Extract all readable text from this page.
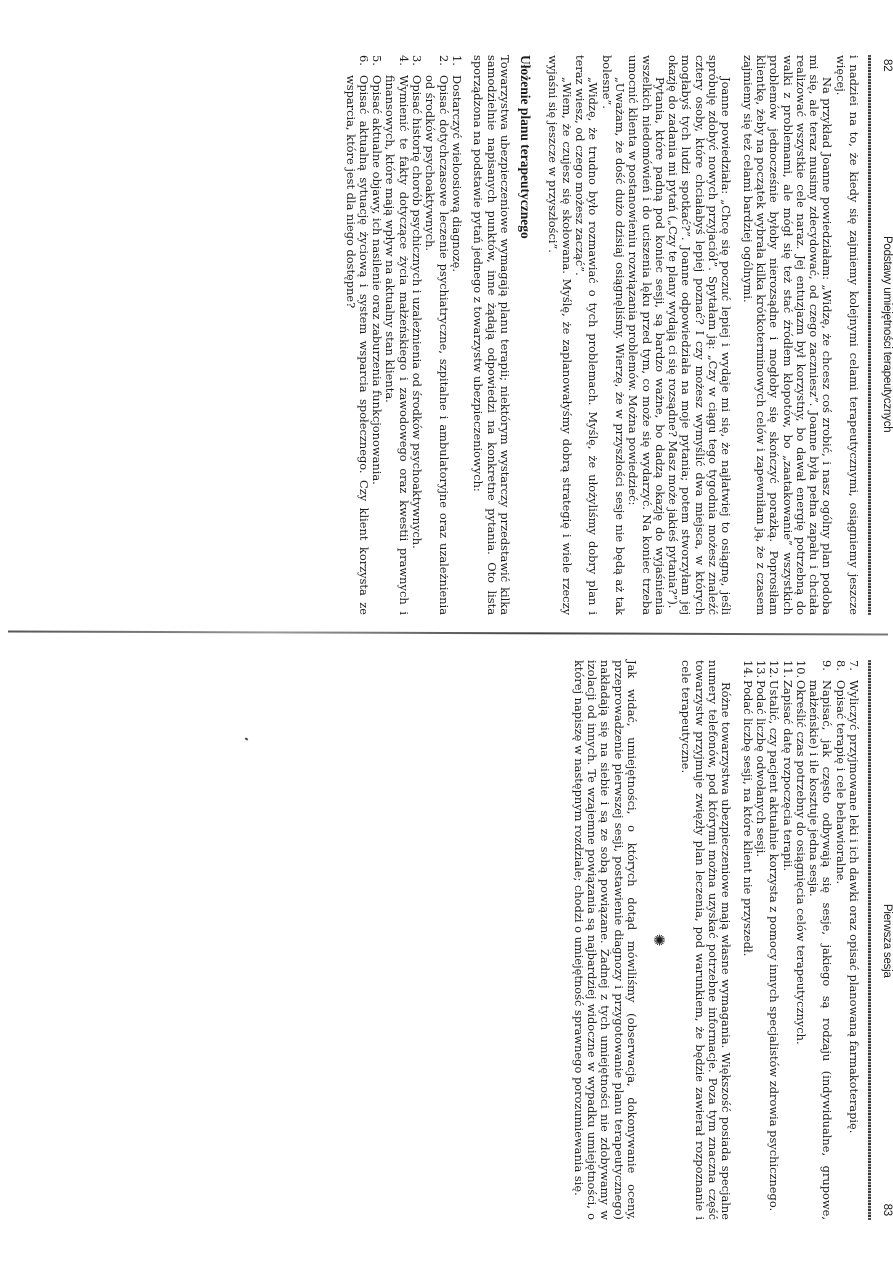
82
Podstawy umiejętności terapeutycznych

i nadziei na to, że kiedy się zajmiemy kolejnymi celami terapeutycznymi, osiągniemy jeszcze więcej.

Na przykład Joanne powiedziałam: „Widzę, że chcesz coś zrobić, i nasz ogólny plan podoba mi się, ale teraz musimy zdecydować, od czego zaczniesz”. Joanne była pełna zapału i chciała realizować wszystkie cele naraz. Jej entuzjazm był korzystny, bo dawał energię potrzebną do walki z problemami, ale mógł się też stać źródłem kłopotów, bo „zaatakowanie” wszystkich problemów jednocześnie byłoby nierozsądne i mogłoby się skończyć porażką. Poprosiłam klientkę, żeby na początek wybrała kilka krótkoterminowych celów i zapewniłam ją, że z czasem zajmiemy się też celami bardziej ogólnymi.

Joanne powiedziała: „Chcę się poczuć lepiej i wydaje mi się, że najłatwiej to osiągnę, jeśli spróbuję zdobyć nowych przyjaciół”. Spytałam ją: „Czy w ciągu tego tygodnia możesz znaleźć cztery osoby, które chciałabyś lepiej poznać? I czy możesz wymyślić dwa miejsca, w których mogłabyś tych ludzi spotkać?”. Joanne odpowiedziała na moje pytania; potem stworzyłam jej okazję do zadania mi pytań („Czy te plany wydają ci się rozsądne? Masz może jakieś pytania?”).

Pytania, które padną pod koniec sesji, są bardzo ważne, bo dadzą okazję do wyjaśnienia wszelkich niedomówień i do uciszenia lęku przed tym, co może się wydarzyć. Na koniec trzeba umocnić klienta w postanowieniu rozwiązania problemów. Można powiedzieć:

„Uważam, że dość dużo dzisiaj osiągnęliśmy. Wierzę, że w przyszłości sesje nie będą aż tak bolesne”.

„Widzę, że trudno było rozmawiać o tych problemach. Myślę, że ułożyliśmy dobry plan i teraz wiesz, od czego możesz zacząć”.

„Wiem, że czujesz się skołowana. Myślę, że zaplanowałyśmy dobrą strategię i wiele rzeczy wyjaśni się jeszcze w przyszłości”.

Ułożenie planu terapeutycznego

Towarzystwa ubezpieczeniowe wymagają planu terapii; niektórym wystarczy przedstawić kilka samodzielnie napisanych punktów, inne żądają odpowiedzi na konkretne pytania. Oto lista sporządzona na podstawie pytań jednego z towarzystw ubezpieczeniowych:

1.
Dostarczyć wieloosiową diagnozę.
2.
Opisać dotychczasowe leczenie psychiatryczne, szpitalne i ambulatoryjne oraz uzależnienia od środków psychoaktywnych.
3.
Opisać historię chorób psychicznych i uzależnienia od środków psychoaktywnych.
4.
Wymienić te fakty dotyczące życia małżeńskiego i zawodowego oraz kwestii prawnych i finansowych, które mają wpływ na aktualny stan klienta.
5.
Opisać aktualne objawy, ich nasilenie oraz zaburzenia funkcjonowania.
6.
Opisać aktualną sytuację życiową i system wsparcia społecznego. Czy klient korzysta ze wsparcia, które jest dla niego dostępne?
Pierwsza sesja
83
7.
Wyliczyć przyjmowane leki i ich dawki oraz opisać planowaną farmakoterapię.
8.
Opisać terapię i cele behawioralne.
9.
Napisać, jak często odbywają się sesje, jakiego są rodzaju (indywidualne, grupowe, małżeńskie) i ile kosztuje jedna sesja.
10.
Określić czas potrzebny do osiągnięcia celów terapeutycznych.
11.
Zapisać datę rozpoczęcia terapii.
12.
Ustalić, czy pacjent aktualnie korzysta z pomocy innych specjalistów zdrowia psychicznego.
13.
Podać liczbę odwołanych sesji.
14.
Podać liczbę sesji, na które klient nie przyszedł.

Różne towarzystwa ubezpieczeniowe mają własne wymagania. Większość posiada specjalne numery telefonów, pod którymi można uzyskać potrzebne informacje. Poza tym znaczna część towarzystw przyjmuje zwięzły plan leczenia, pod warunkiem, że będzie zawierał rozpoznanie i cele terapeutyczne.

✺

Jak widać, umiejętności, o których dotąd mówiliśmy (obserwacja, dokonywanie oceny, przeprowadzenie pierwszej sesji, postawienie diagnozy i przygotowanie planu terapeutycznego) nakładają się na siebie i są ze sobą powiązane. Żadnej z tych umiejętności nie zdobywamy w izolacji od innych. Te wzajemne powiązania są najbardziej widoczne w wypadku umiejętności, o której napiszę w następnym rozdziale; chodzi o umiejętność sprawnego porozumiewania się.
